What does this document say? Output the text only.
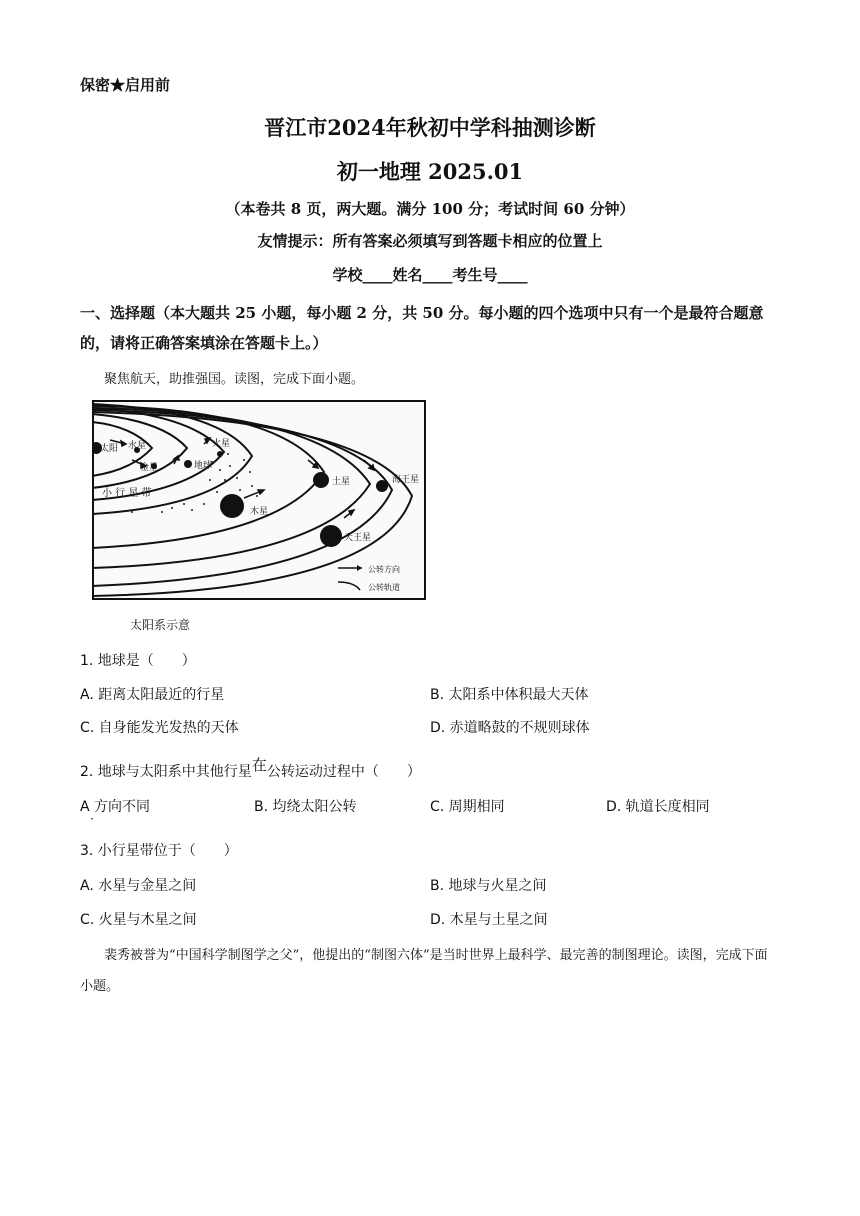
保密★启用前
晋江市2024年秋初中学科抽测诊断
初一地理 2025.01
（本卷共 8 页，两大题。满分 100 分；考试时间 60 分钟）
友情提示：所有答案必须填写到答题卡相应的位置上
学校____姓名____考生号____
一、选择题（本大题共 25 小题，每小题 2 分，共 50 分。每小题的四个选项中只有一个是最符合题意的，请将正确答案填涂在答题卡上。）
聚焦航天，助推强国。读图，完成下面小题。
太阳 水星
金星	地球
火星
小 行 星 带
木星
土星
天王星
海王星
公转方向
公转轨道
太阳系示意
1. 地球是（　　）
A. 距离太阳最近的行星	B. 太阳系中体积最大天体
C. 自身能发光发热的天体	D. 赤道略鼓的不规则球体
2. 地球与太阳系中其他行星在公转运动过程中（　　）
A 方向不同
·
B. 均绕太阳公转	C. 周期相同	D. 轨道长度相同
3. 小行星带位于（　　）
A. 水星与金星之间	B. 地球与火星之间
C. 火星与木星之间	D. 木星与土星之间
裴秀被誉为“中国科学制图学之父”，他提出的“制图六体”是当时世界上最科学、最完善的制图理论。读图，完成下面小题。
